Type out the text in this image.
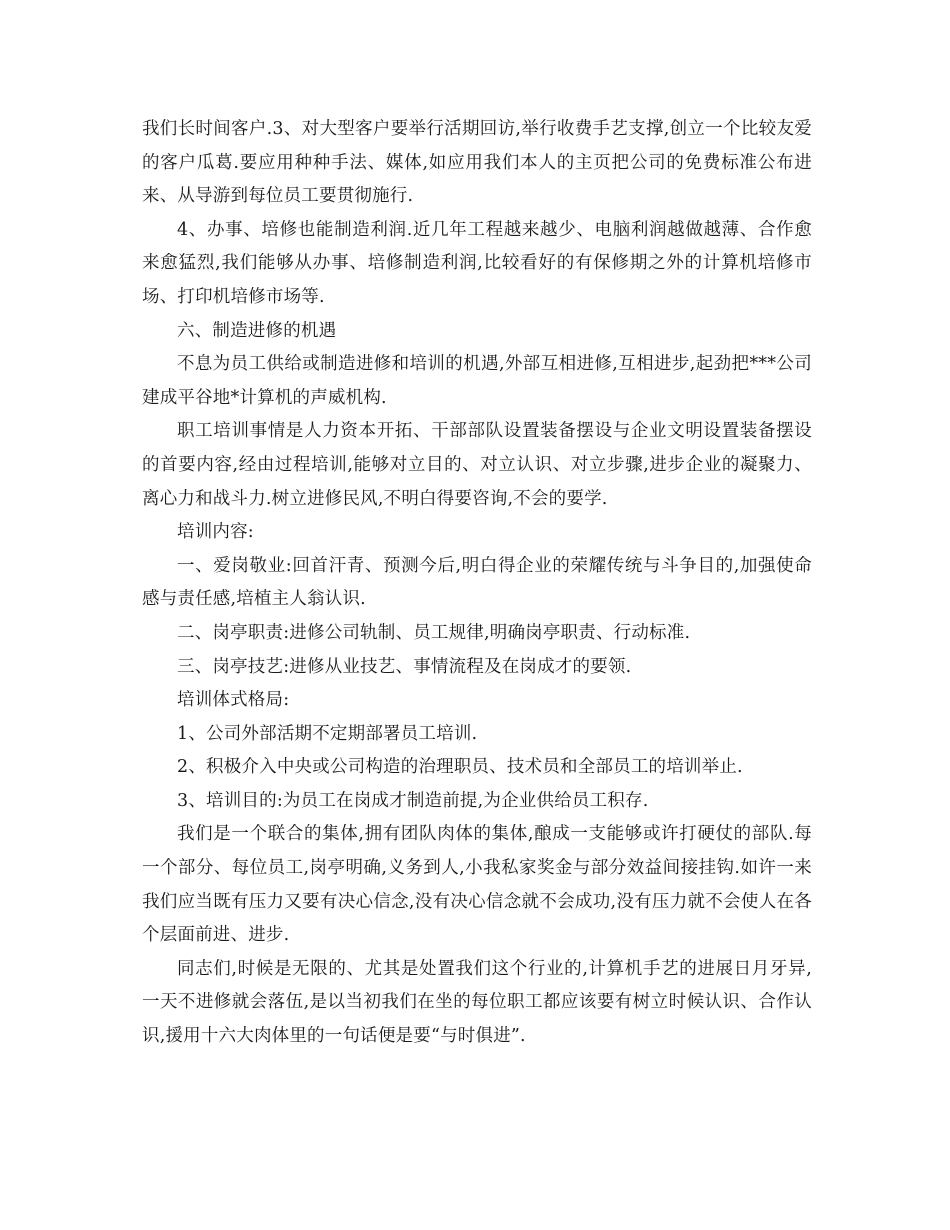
我们长时间客户.3、对大型客户要举行活期回访,举行收费手艺支撑,创立一个比较友爱的客户瓜葛.要应用种种手法、媒体,如应用我们本人的主页把公司的免费标准公布进来、从导游到每位员工要贯彻施行.

4、办事、培修也能制造利润.近几年工程越来越少、电脑利润越做越薄、合作愈来愈猛烈,我们能够从办事、培修制造利润,比较看好的有保修期之外的计算机培修市场、打印机培修市场等.

六、制造进修的机遇

不息为员工供给或制造进修和培训的机遇,外部互相进修,互相进步,起劲把***公司建成平谷地*计算机的声威机构.

职工培训事情是人力资本开拓、干部部队设置装备摆设与企业文明设置装备摆设的首要内容,经由过程培训,能够对立目的、对立认识、对立步骤,进步企业的凝聚力、离心力和战斗力.树立进修民风,不明白得要咨询,不会的要学.

培训内容:

一、爱岗敬业:回首汗青、预测今后,明白得企业的荣耀传统与斗争目的,加强使命感与责任感,培植主人翁认识.

二、岗亭职责:进修公司轨制、员工规律,明确岗亭职责、行动标准.

三、岗亭技艺:进修从业技艺、事情流程及在岗成才的要领.

培训体式格局:

1、公司外部活期不定期部署员工培训.

2、积极介入中央或公司构造的治理职员、技术员和全部员工的培训举止.

3、培训目的:为员工在岗成才制造前提,为企业供给员工积存.

我们是一个联合的集体,拥有团队肉体的集体,酿成一支能够或许打硬仗的部队.每一个部分、每位员工,岗亭明确,义务到人,小我私家奖金与部分效益间接挂钩.如许一来我们应当既有压力又要有决心信念,没有决心信念就不会成功,没有压力就不会使人在各个层面前进、进步.

同志们,时候是无限的、尤其是处置我们这个行业的,计算机手艺的进展日月牙异,一天不进修就会落伍,是以当初我们在坐的每位职工都应该要有树立时候认识、合作认识,援用十六大肉体里的一句话便是要“与时俱进”.
